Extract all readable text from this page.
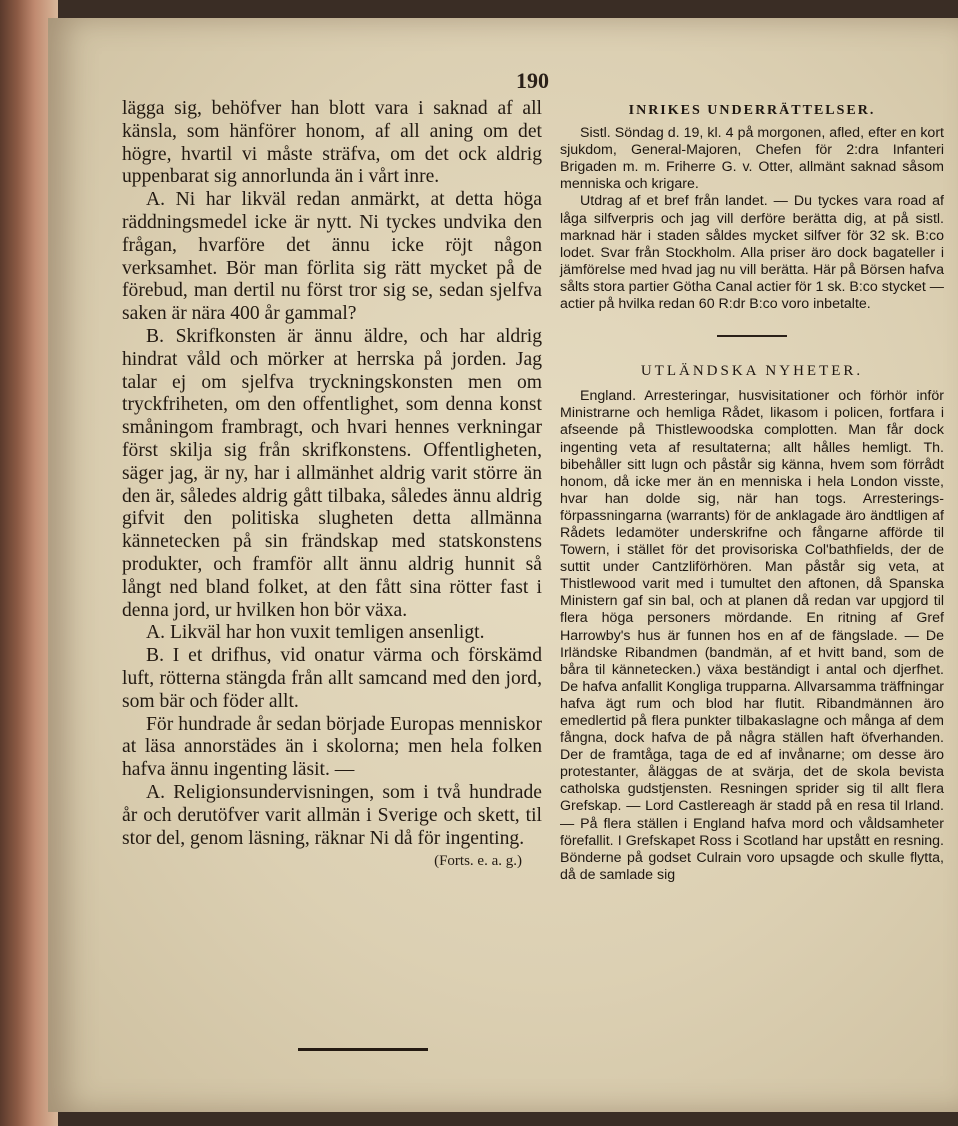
190

lägga sig, behöfver han blott vara i saknad af all känsla, som hänförer honom, af all aning om det högre, hvartil vi måste sträfva, om det ock aldrig uppenbarat sig annorlunda än i vårt inre.

A. Ni har likväl redan anmärkt, at detta höga räddningsmedel icke är nytt. Ni tyckes undvika den frågan, hvarföre det ännu icke röjt någon verksamhet. Bör man förlita sig rätt mycket på de förebud, man dertil nu först tror sig se, sedan sjelfva saken är nära 400 år gammal?

B. Skrifkonsten är ännu äldre, och har aldrig hindrat våld och mörker at herrska på jorden. Jag talar ej om sjelfva tryckningskonsten men om tryckfriheten, om den offentlighet, som denna konst småningom frambragt, och hvari hennes verkningar först skilja sig från skrifkonstens. Offentligheten, säger jag, är ny, har i allmänhet aldrig varit större än den är, således aldrig gått tilbaka, således ännu aldrig gifvit den politiska slugheten detta allmänna kännetecken på sin frändskap med statskonstens produkter, och framför allt ännu aldrig hunnit så långt ned bland folket, at den fått sina rötter fast i denna jord, ur hvilken hon bör växa.

A. Likväl har hon vuxit temligen ansenligt.

B. I et drifhus, vid onatur värma och förskämd luft, rötterna stängda från allt samcand med den jord, som bär och föder allt.

För hundrade år sedan började Europas menniskor at läsa annorstädes än i skolorna; men hela folken hafva ännu ingenting läsit. —

A. Religionsundervisningen, som i två hundrade år och derutöfver varit allmän i Sverige och skett, til stor del, genom läsning, räknar Ni då för ingenting.

(Forts. e. a. g.)

INRIKES UNDERRÄTTELSER.

Sistl. Söndag d. 19, kl. 4 på morgonen, afled, efter en kort sjukdom, General-Majoren, Chefen för 2:dra Infanteri Brigaden m. m. Friherre G. v. Otter, allmänt saknad såsom menniska och krigare.

Utdrag af et bref från landet. — Du tyckes vara road af låga silfverpris och jag vill derföre berätta dig, at på sistl. marknad här i staden såldes mycket silfver för 32 sk. B:co lodet. Svar från Stockholm. Alla priser äro dock bagateller i jämförelse med hvad jag nu vill berätta. Här på Börsen hafva sålts stora partier Götha Canal actier för 1 sk. B:co stycket — actier på hvilka redan 60 R:dr B:co voro inbetalte.

UTLÄNDSKA NYHETER.

England. Arresteringar, husvisitationer och förhör inför Ministrarne och hemliga Rådet, likasom i policen, fortfara i afseende på Thistlewoodska complotten. Man får dock ingenting veta af resultaterna; allt hålles hemligt. Th. bibehåller sitt lugn och påstår sig känna, hvem som förrådt honom, då icke mer än en menniska i hela London visste, hvar han dolde sig, när han togs. Arresterings-förpassningarna (warrants) för de anklagade äro ändtligen af Rådets ledamöter underskrifne och fångarne afförde til Towern, i stället för det provisoriska Col'bathfields, der de suttit under Cantzliförhören. Man påstår sig veta, at Thistlewood varit med i tumultet den aftonen, då Spanska Ministern gaf sin bal, och at planen då redan var upgjord til flera höga personers mördande. En ritning af Gref Harrowby's hus är funnen hos en af de fängslade. — De Irländske Ribandmen (bandmän, af et hvitt band, som de båra til kännetecken.) växa beständigt i antal och djerfhet. De hafva anfallit Kongliga trupparna. Allvarsamma träffningar hafva ägt rum och blod har flutit. Ribandmännen äro emedlertid på flera punkter tilbakaslagne och många af dem fångna, dock hafva de på några ställen haft öfverhanden. Der de framtåga, taga de ed af invånarne; om desse äro protestanter, åläggas de at svärja, det de skola bevista catholska gudstjensten. Resningen sprider sig til allt flera Grefskap. — Lord Castlereagh är stadd på en resa til Irland. — På flera ställen i England hafva mord och våldsamheter förefallit. I Grefskapet Ross i Scotland har upstått en resning. Bönderne på godset Culrain voro upsagde och skulle flytta, då de samlade sig
